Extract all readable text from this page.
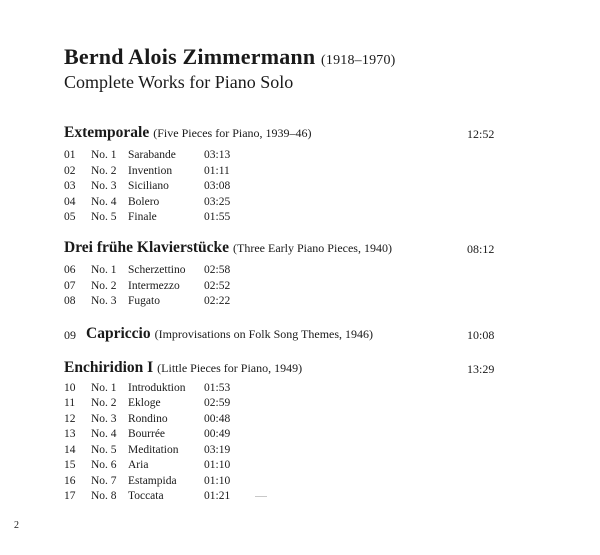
Bernd Alois Zimmermann (1918–1970)
Complete Works for Piano Solo
Extemporale (Five Pieces for Piano, 1939–46)	12:52
01 No. 1 Sarabande 03:13
02 No. 2 Invention	01:11
03 No. 3 Siciliano	03:08
04 No. 4 Bolero	03:25
05 No. 5 Finale	01:55
Drei frühe Klavierstücke (Three Early Piano Pieces, 1940)	08:12
06 No. 1 Scherzettino 02:58
07 No. 2 Intermezzo 02:52
08 No. 3 Fugato	02:22
09 Capriccio (Improvisations on Folk Song Themes, 1946)	10:08
Enchiridion I (Little Pieces for Piano, 1949)	13:29
10 No. 1 Introduktion 01:53
11 No. 2 Ekloge	02:59
12 No. 3 Rondino	00:48
13 No. 4 Bourrée	00:49
14 No. 5 Meditation 03:19
15 No. 6 Aria	01:10
16 No. 7 Estampida 01:10
17 No. 8 Toccata	01:21
2
